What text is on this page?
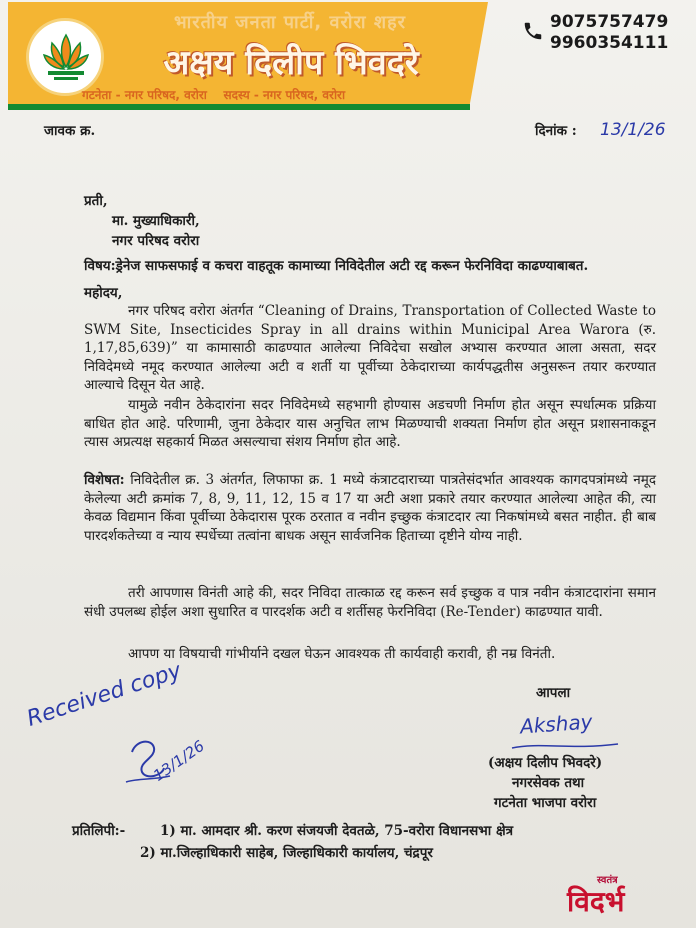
भारतीय जनता पार्टी, वरोरा शहर
अक्षय दिलीप भिवदरे
गटनेता - नगर परिषद, वरोरा    सदस्य - नगर परिषद, वरोरा
9075757479
9960354111
जावक क्र.	दिनांक : 13/1/26
प्रती,
मा. मुख्याधिकारी,
नगर परिषद वरोरा
विषय:ड्रेनेज साफसफाई व कचरा वाहतूक कामाच्या निविदेतील अटी रद्द करून फेरनिविदा काढण्याबाबत.
महोदय,
नगर परिषद वरोरा अंतर्गत “Cleaning of Drains, Transportation of Collected Waste to SWM Site, Insecticides Spray in all drains within Municipal Area Warora (रु. 1,17,85,639)” या कामासाठी काढण्यात आलेल्या निविदेचा सखोल अभ्यास करण्यात आला असता, सदर निविदेमध्ये नमूद करण्यात आलेल्या अटी व शर्ती या पूर्वीच्या ठेकेदाराच्या कार्यपद्धतीस अनुसरून तयार करण्यात आल्याचे दिसून येत आहे.
यामुळे नवीन ठेकेदारांना सदर निविदेमध्ये सहभागी होण्यास अडचणी निर्माण होत असून स्पर्धात्मक प्रक्रिया बाधित होत आहे. परिणामी, जुना ठेकेदार यास अनुचित लाभ मिळण्याची शक्यता निर्माण होत असून प्रशासनाकडून त्यास अप्रत्यक्ष सहकार्य मिळत असल्याचा संशय निर्माण होत आहे.
विशेषत: निविदेतील क्र. 3 अंतर्गत, लिफाफा क्र. 1 मध्ये कंत्राटदाराच्या पात्रतेसंदर्भात आवश्यक कागदपत्रांमध्ये नमूद केलेल्या अटी क्रमांक 7, 8, 9, 11, 12, 15 व 17 या अटी अशा प्रकारे तयार करण्यात आलेल्या आहेत की, त्या केवळ विद्यमान किंवा पूर्वीच्या ठेकेदारास पूरक ठरतात व नवीन इच्छुक कंत्राटदार त्या निकषांमध्ये बसत नाहीत. ही बाब पारदर्शकतेच्या व न्याय स्पर्धेच्या तत्वांना बाधक असून सार्वजनिक हिताच्या दृष्टीने योग्य नाही.
तरी आपणास विनंती आहे की, सदर निविदा तात्काळ रद्द करून सर्व इच्छुक व पात्र नवीन कंत्राटदारांना समान संधी उपलब्ध होईल अशा सुधारित व पारदर्शक अटी व शर्तीसह फेरनिविदा (Re-Tender) काढण्यात यावी.
आपण या विषयाची गांभीर्याने दखल घेऊन आवश्यक ती कार्यवाही करावी, ही नम्र विनंती.
आपला
Akshay
(अक्षय दिलीप भिवदरे)
नगरसेवक तथा
गटनेता भाजपा वरोरा
Received copy
13/1/26
प्रतिलिपी:-	1) मा. आमदार श्री. करण संजयजी देवतळे, 75-वरोरा विधानसभा क्षेत्र
2) मा.जिल्हाधिकारी साहेब, जिल्हाधिकारी कार्यालय, चंद्रपूर
स्वतंत्र
विदर्भ
